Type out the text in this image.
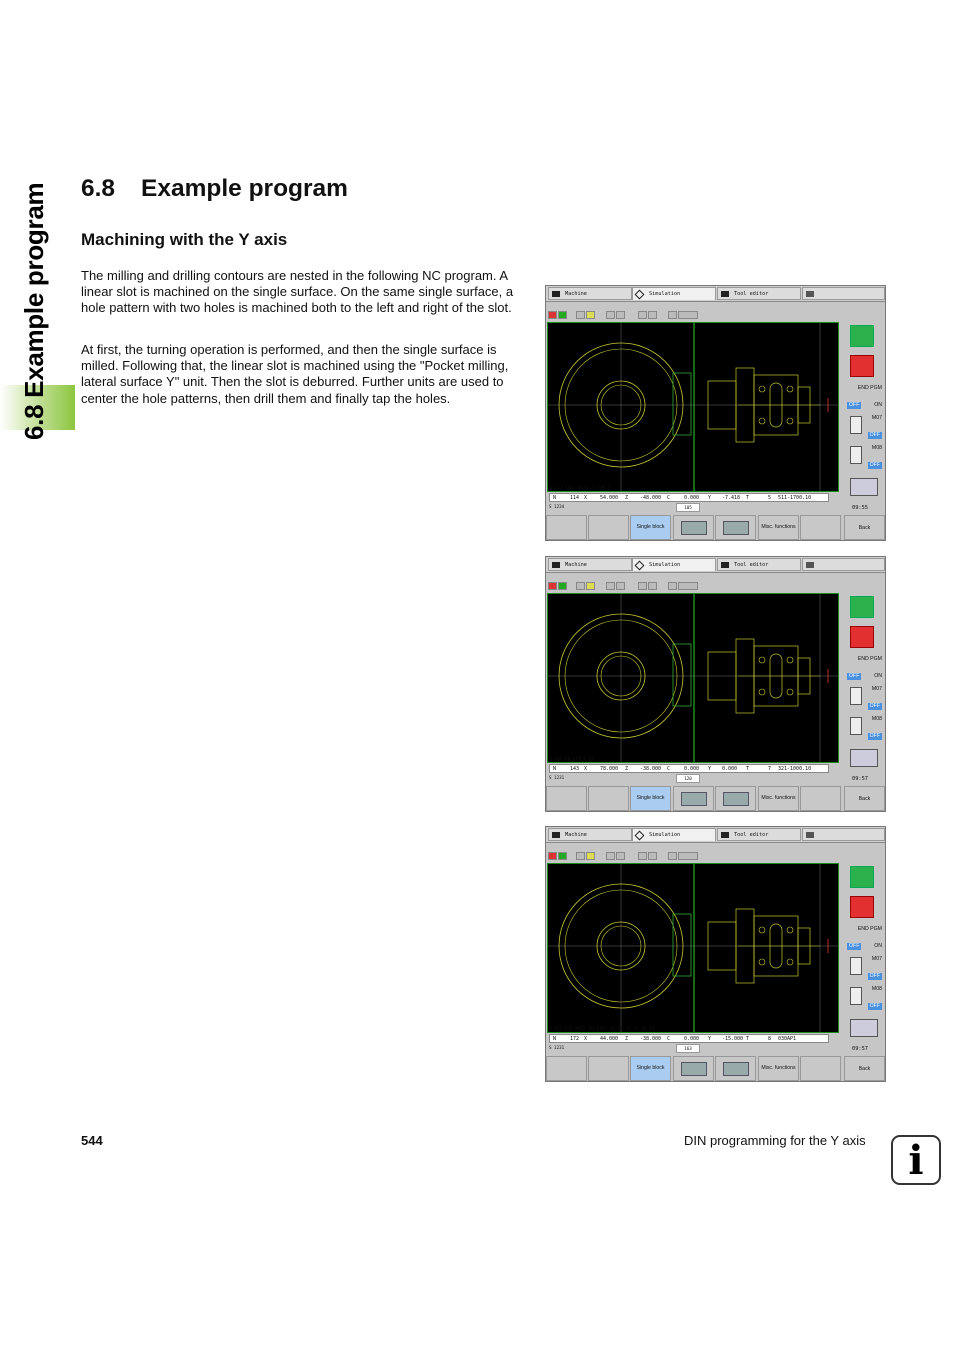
6.8 Example program 6.8 Example program
Machining with the Y axis

The milling and drilling contours are nested in the following NC program. A linear slot is machined on the single surface. On the same single surface, a hole pattern with two holes is machined both to the left and right of the slot.

At first, the turning operation is performed, and then the single surface is milled. Following that, the linear slot is machined using the "Pocket milling, lateral surface Y" unit. Then the slot is deburred. Further units are used to center the hole patterns, then drill them and finally tap the holes.

Machine	Simulation	Tool editor
N 113 G841 NS16 FS 0M.5
N	114 X	54.000 Z -48.000 C	0.000 Y -7.418 T	5 511-1700.10
S 1234	105
Single block	Misc. functions
END PGM
OFF	ON
M07
OFF
M08
OFF
09:55
Back
Machine	Simulation	Tool editor
N 143 G0 X78 Z-38
N	143 X	78.000 Z -38.000 C	0.000 Y 0.000 T	7 321-1000.10
S 1231	120
Single block	Misc. functions
END PGM
OFF	ON
M07
OFF
M08
OFF
09:57
Back
Machine	Simulation	Tool editor
N 172 G74 NS22 E0.0703 D0 V0 10 J6 B0 F1
N	172 X	44.000 Z -38.000 C	0.000 Y -15.000 T	8 030AP1
S 1231	163
Single block	Misc. functions
END PGM
OFF	ON
M07
OFF
M08
OFF
09:57
Back

544	DIN programming for the Y axis	i
